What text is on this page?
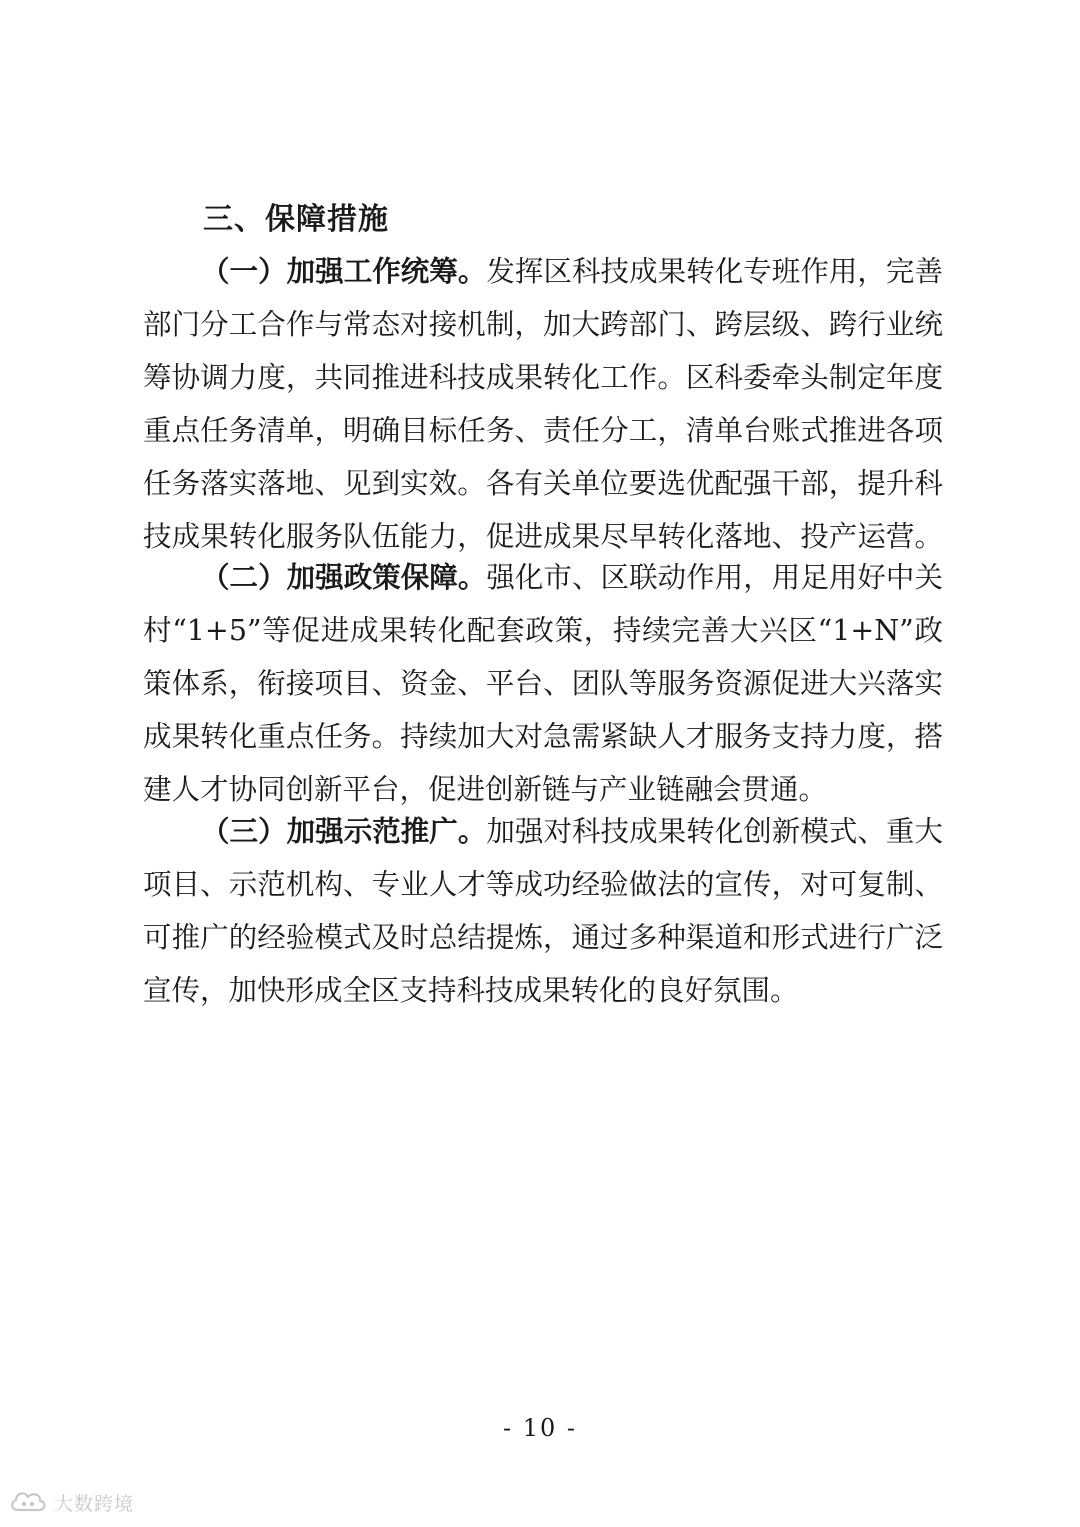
三、保障措施
（一）加强工作统筹。发挥区科技成果转化专班作用，完善
部门分工合作与常态对接机制，加大跨部门、跨层级、跨行业统
筹协调力度，共同推进科技成果转化工作。区科委牵头制定年度
重点任务清单，明确目标任务、责任分工，清单台账式推进各项
任务落实落地、见到实效。各有关单位要选优配强干部，提升科
技成果转化服务队伍能力，促进成果尽早转化落地、投产运营。
（二）加强政策保障。强化市、区联动作用，用足用好中关
村“1+5”等促进成果转化配套政策，持续完善大兴区“1+N”政
策体系，衔接项目、资金、平台、团队等服务资源促进大兴落实
成果转化重点任务。持续加大对急需紧缺人才服务支持力度，搭
建人才协同创新平台，促进创新链与产业链融会贯通。
（三）加强示范推广。加强对科技成果转化创新模式、重大
项目、示范机构、专业人才等成功经验做法的宣传，对可复制、
可推广的经验模式及时总结提炼，通过多种渠道和形式进行广泛
宣传，加快形成全区支持科技成果转化的良好氛围。
- 10 -
大数跨境
